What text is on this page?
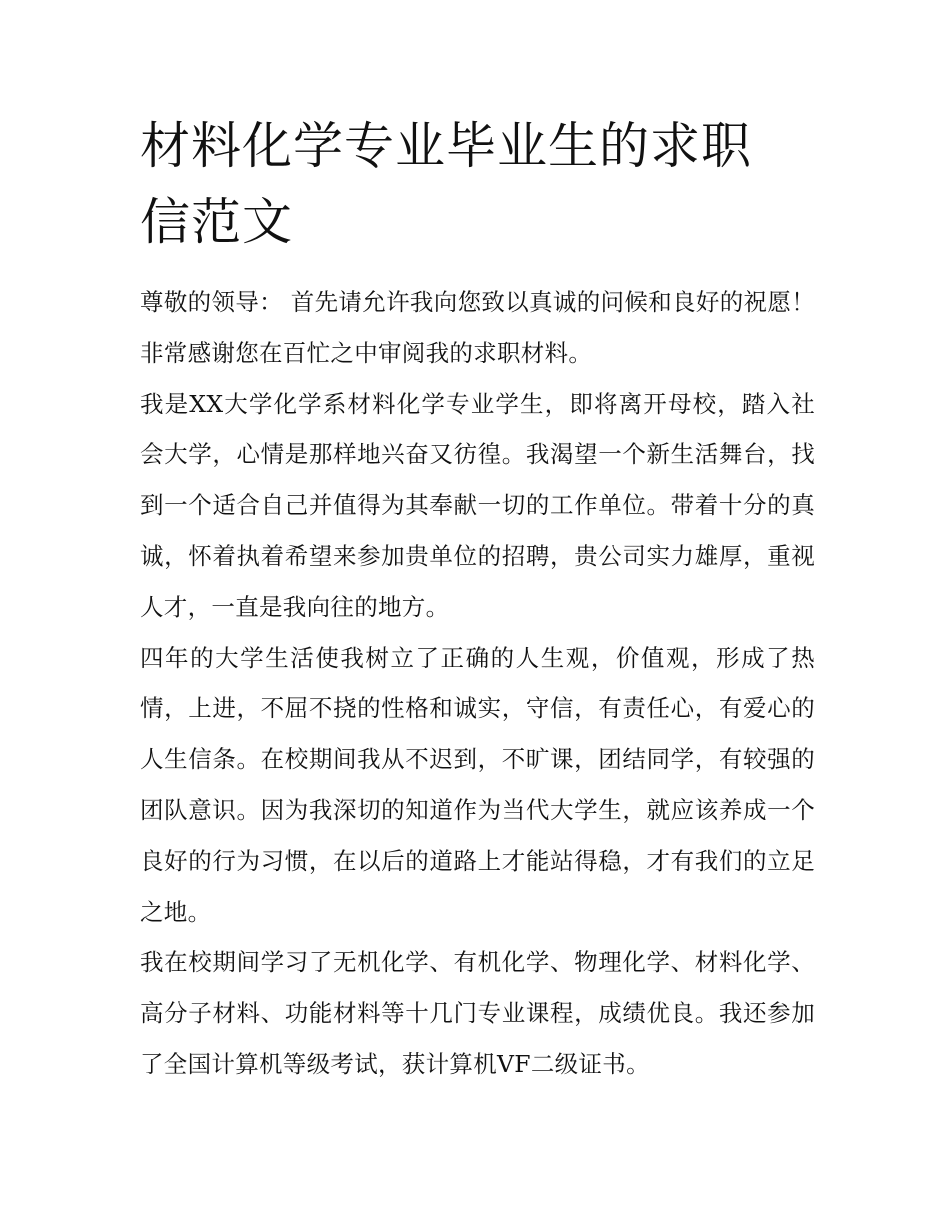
材料化学专业毕业生的求职信范文

尊敬的领导： 首先请允许我向您致以真诚的问候和良好的祝愿！非常感谢您在百忙之中审阅我的求职材料。

我是XX大学化学系材料化学专业学生，即将离开母校，踏入社会大学，心情是那样地兴奋又彷徨。我渴望一个新生活舞台，找到一个适合自己并值得为其奉献一切的工作单位。带着十分的真诚，怀着执着希望来参加贵单位的招聘，贵公司实力雄厚，重视人才，一直是我向往的地方。

四年的大学生活使我树立了正确的人生观，价值观，形成了热情，上进，不屈不挠的性格和诚实，守信，有责任心，有爱心的人生信条。在校期间我从不迟到，不旷课，团结同学，有较强的团队意识。因为我深切的知道作为当代大学生，就应该养成一个良好的行为习惯，在以后的道路上才能站得稳，才有我们的立足之地。

我在校期间学习了无机化学、有机化学、物理化学、材料化学、高分子材料、功能材料等十几门专业课程，成绩优良。我还参加了全国计算机等级考试，获计算机VF二级证书。
